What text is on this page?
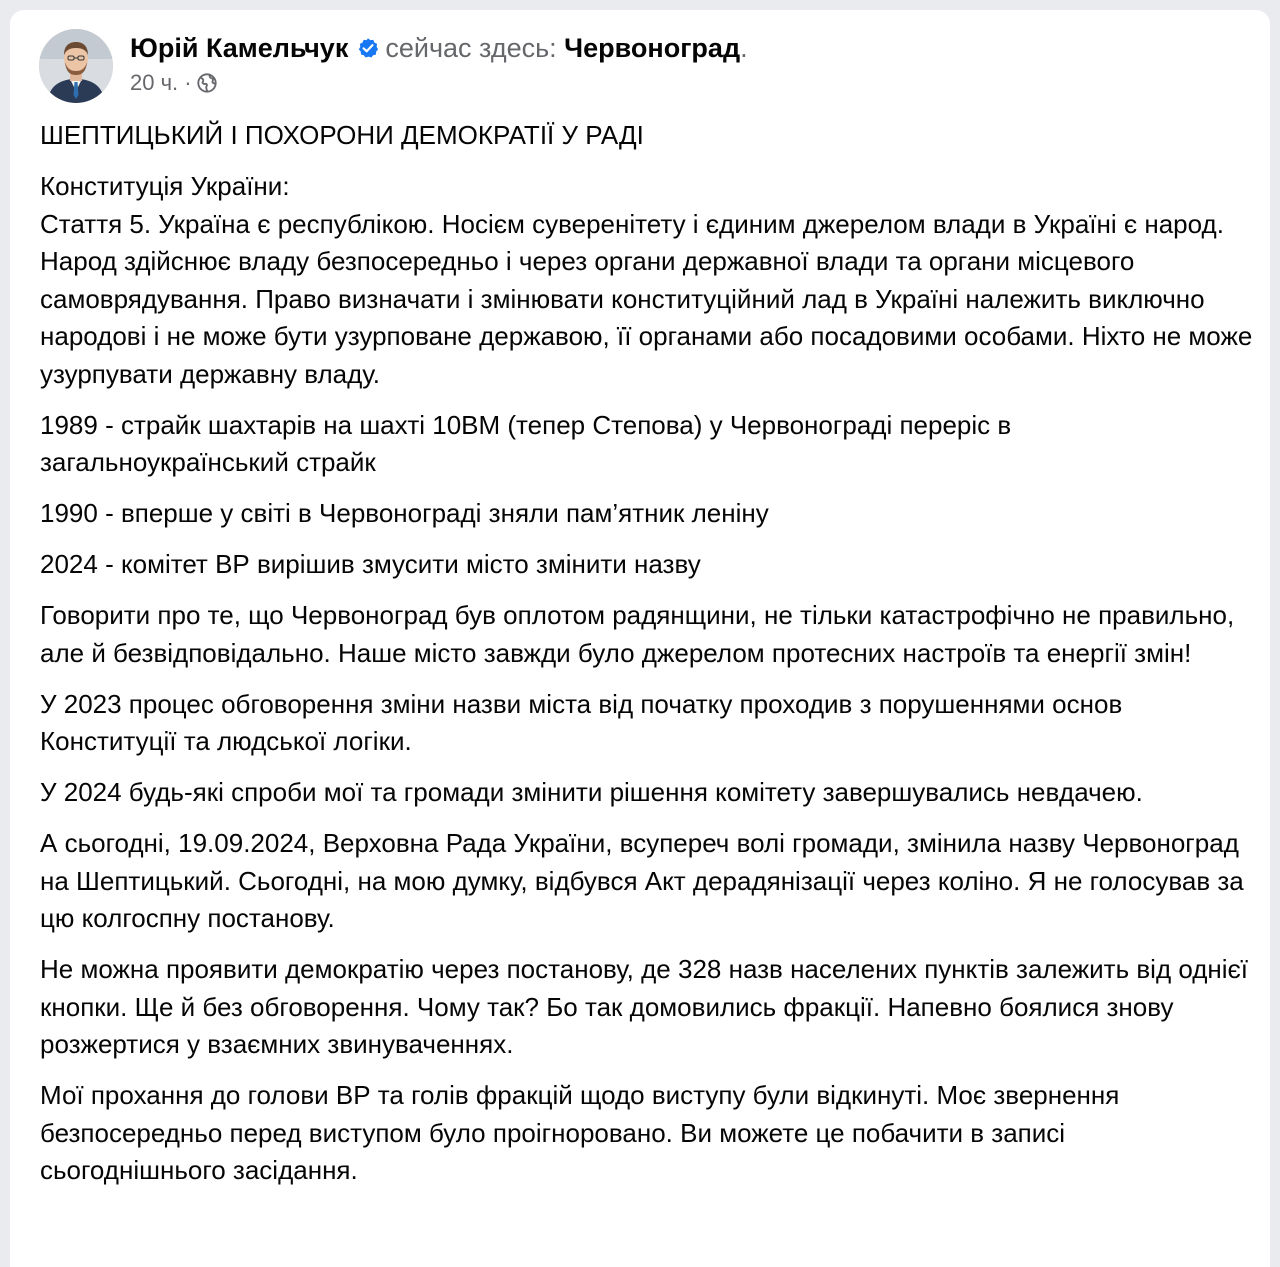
Юрій Камельчук сейчас здесь: Червоноград.
20 ч. ·

ШЕПТИЦЬКИЙ І ПОХОРОНИ ДЕМОКРАТІЇ У РАДІ

Конституція України:
Стаття 5. Україна є республікою. Носієм суверенітету і єдиним джерелом влади в Україні є народ. Народ здійснює владу безпосередньо і через органи державної влади та органи місцевого самоврядування. Право визначати і змінювати конституційний лад в Україні належить виключно народові і не може бути узурповане державою, її органами або посадовими особами. Ніхто не може узурпувати державну владу.

1989 - страйк шахтарів на шахті 10ВМ (тепер Степова) у Червонограді переріс в загальноукраїнський страйк

1990 - вперше у світі в Червонограді зняли пам’ятник леніну

2024 - комітет ВР вирішив змусити місто змінити назву

Говорити про те, що Червоноград був оплотом радянщини, не тільки катастрофічно не правильно, але й безвідповідально. Наше місто завжди було джерелом протесних настроїв та енергії змін!

У 2023 процес обговорення зміни назви міста від початку проходив з порушеннями основ Конституції та людської логіки.

У 2024 будь-які спроби мої та громади змінити рішення комітету завершувались невдачею.

А сьогодні, 19.09.2024, Верховна Рада України, всупереч волі громади, змінила назву Червоноград на Шептицький. Сьогодні, на мою думку, відбувся Акт дерадянізації через коліно. Я не голосував за цю колгоспну постанову.

Не можна проявити демократію через постанову, де 328 назв населених пунктів залежить від однієї кнопки. Ще й без обговорення. Чому так? Бо так домовились фракції. Напевно боялися знову розжертися у взаємних звинуваченнях.

Мої прохання до голови ВР та голів фракцій щодо виступу були відкинуті. Моє звернення безпосередньо перед виступом було проігноровано. Ви можете це побачити в записі сьогоднішнього засідання.
